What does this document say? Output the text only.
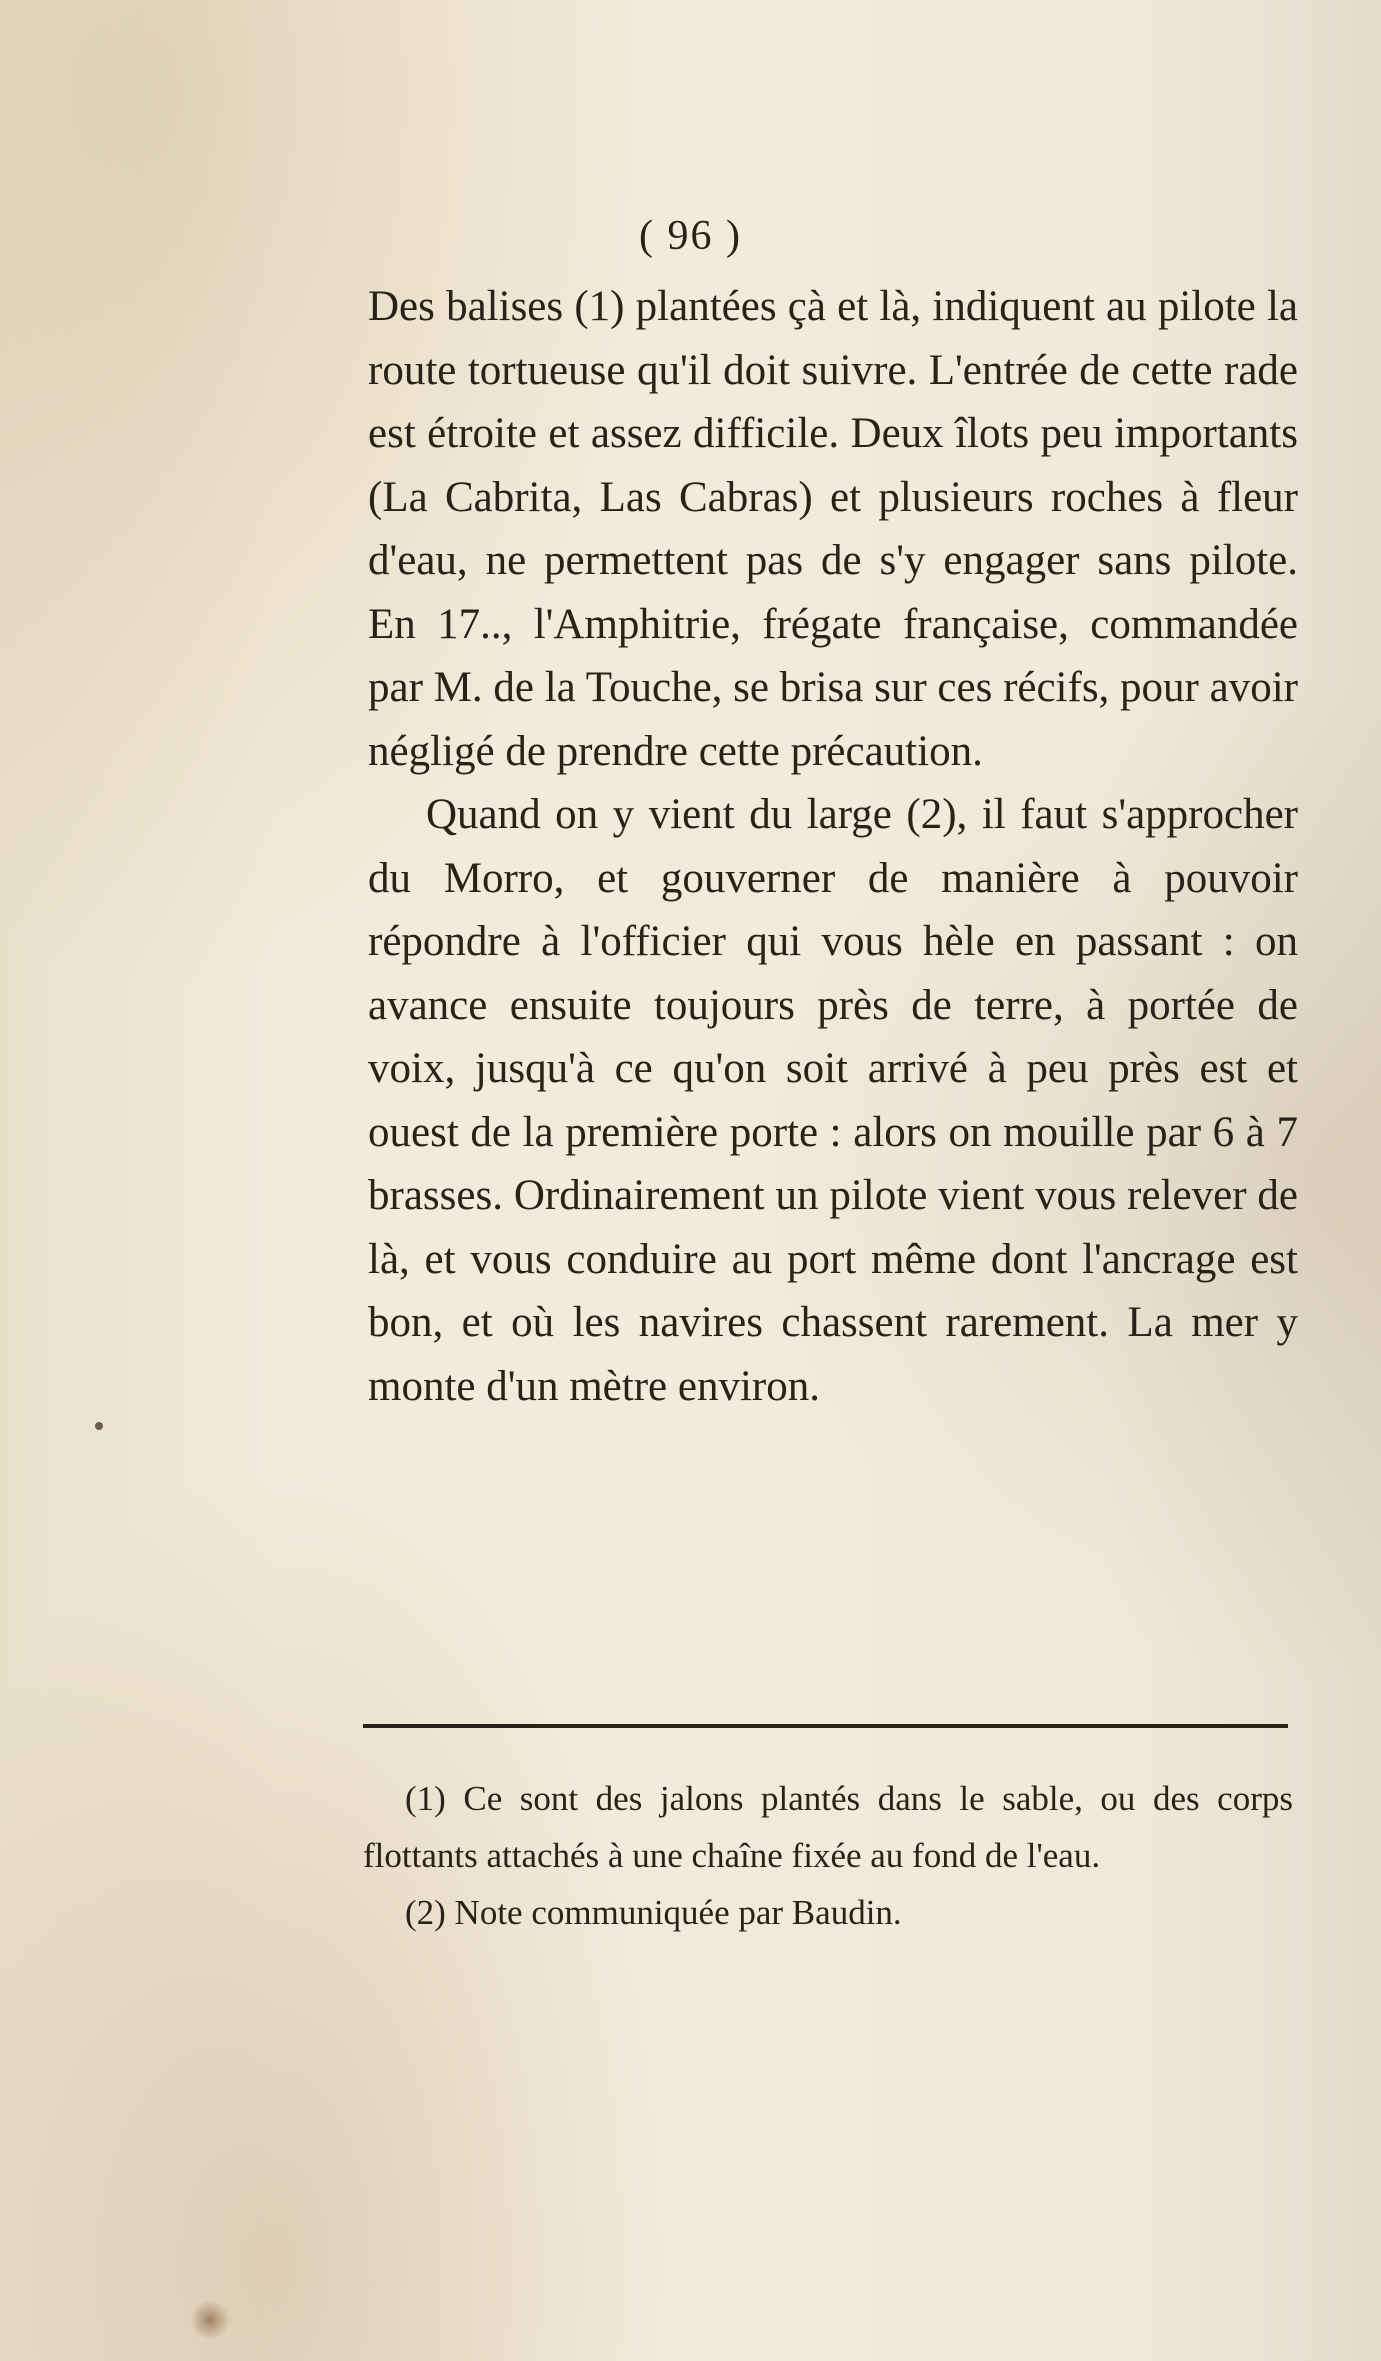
( 96 )

Des balises (1) plantées çà et là, indiquent au pilote la route tortueuse qu'il doit suivre. L'entrée de cette rade est étroite et assez difficile. Deux îlots peu importants (La Cabrita, Las Cabras) et plusieurs roches à fleur d'eau, ne permettent pas de s'y engager sans pilote. En 17.., l'Amphitrie, frégate française, commandée par M. de la Touche, se brisa sur ces récifs, pour avoir négligé de prendre cette précaution.

Quand on y vient du large (2), il faut s'approcher du Morro, et gouverner de manière à pouvoir répondre à l'officier qui vous hèle en passant : on avance ensuite toujours près de terre, à portée de voix, jusqu'à ce qu'on soit arrivé à peu près est et ouest de la première porte : alors on mouille par 6 à 7 brasses. Ordinairement un pilote vient vous relever de là, et vous conduire au port même dont l'ancrage est bon, et où les navires chassent rarement. La mer y monte d'un mètre environ.

(1) Ce sont des jalons plantés dans le sable, ou des corps flottants attachés à une chaîne fixée au fond de l'eau.

(2) Note communiquée par Baudin.
